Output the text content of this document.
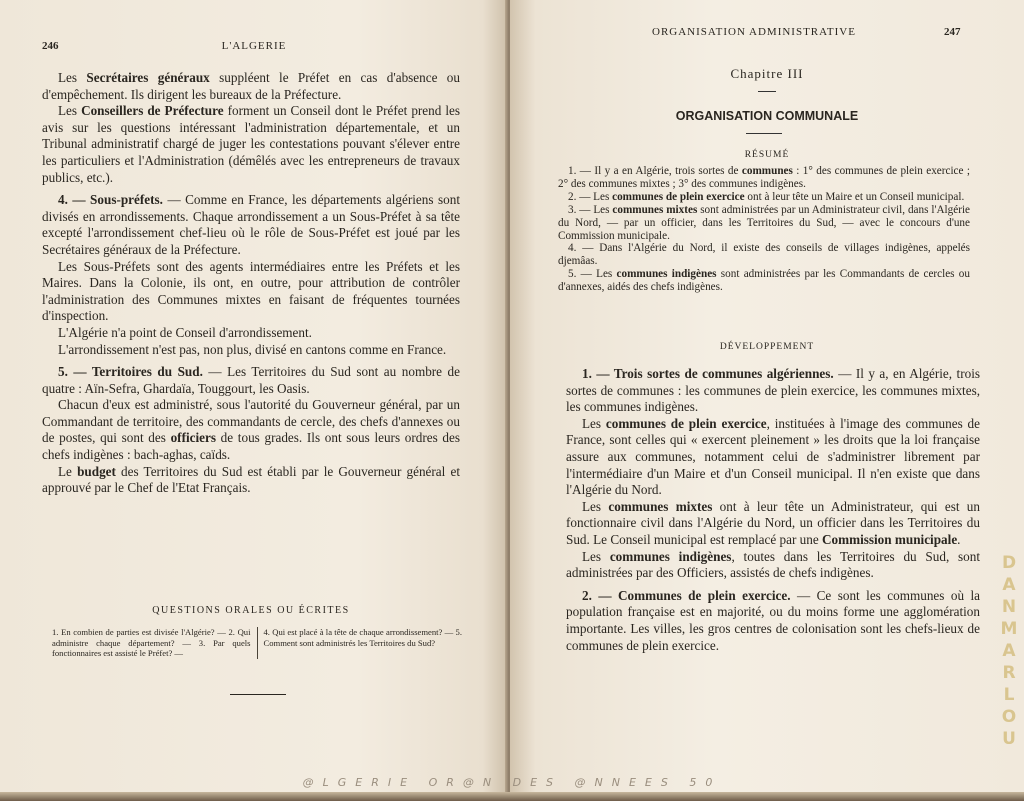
246	L'ALGERIE

Les Secrétaires généraux suppléent le Préfet en cas d'absence ou d'empêchement. Ils dirigent les bureaux de la Préfecture.

Les Conseillers de Préfecture forment un Conseil dont le Préfet prend les avis sur les questions intéressant l'administration départementale, et un Tribunal administratif chargé de juger les contestations pouvant s'élever entre les particuliers et l'Administration (démêlés avec les entrepreneurs de travaux publics, etc.).

4. — Sous-préfets. — Comme en France, les départements algériens sont divisés en arrondissements. Chaque arrondissement a un Sous-Préfet à sa tête excepté l'arrondissement chef-lieu où le rôle de Sous-Préfet est joué par les Secrétaires généraux de la Préfecture.

Les Sous-Préfets sont des agents intermédiaires entre les Préfets et les Maires. Dans la Colonie, ils ont, en outre, pour attribution de contrôler l'administration des Communes mixtes en faisant de fréquentes tournées d'inspection.

L'Algérie n'a point de Conseil d'arrondissement.

L'arrondissement n'est pas, non plus, divisé en cantons comme en France.

5. — Territoires du Sud. — Les Territoires du Sud sont au nombre de quatre : Aïn-Sefra, Ghardaïa, Touggourt, les Oasis.

Chacun d'eux est administré, sous l'autorité du Gouverneur général, par un Commandant de territoire, des commandants de cercle, des chefs d'annexes ou de postes, qui sont des officiers de tous grades. Ils ont sous leurs ordres des chefs indigènes : bach-aghas, caïds.

Le budget des Territoires du Sud est établi par le Gouverneur général et approuvé par le Chef de l'Etat Français.

QUESTIONS ORALES OU ÉCRITES
1. En combien de parties est divisée l'Algérie? — 2. Qui administre chaque département? — 3. Par quels fonctionnaires est assisté le Préfet? —
4. Qui est placé à la tête de chaque arrondissement? — 5. Comment sont administrés les Territoires du Sud?
ORGANISATION ADMINISTRATIVE	247
Chapitre III
ORGANISATION COMMUNALE
RÉSUMÉ

1. — Il y a en Algérie, trois sortes de communes : 1° des communes de plein exercice ; 2° des communes mixtes ; 3° des communes indigènes.

2. — Les communes de plein exercice ont à leur tête un Maire et un Conseil municipal.

3. — Les communes mixtes sont administrées par un Administrateur civil, dans l'Algérie du Nord, — par un officier, dans les Territoires du Sud, — avec le concours d'une Commission municipale.

4. — Dans l'Algérie du Nord, il existe des conseils de villages indigènes, appelés djemâas.

5. — Les communes indigènes sont administrées par les Commandants de cercles ou d'annexes, aidés des chefs indigènes.

DÉVELOPPEMENT

1. — Trois sortes de communes algériennes. — Il y a, en Algérie, trois sortes de communes : les communes de plein exercice, les communes mixtes, les communes indigènes.

Les communes de plein exercice, instituées à l'image des communes de France, sont celles qui « exercent pleinement » les droits que la loi française assure aux communes, notamment celui de s'administrer librement par l'intermédiaire d'un Maire et d'un Conseil municipal. Il n'en existe que dans l'Algérie du Nord.

Les communes mixtes ont à leur tête un Administrateur, qui est un fonctionnaire civil dans l'Algérie du Nord, un officier dans les Territoires du Sud. Le Conseil municipal est remplacé par une Commission municipale.

Les communes indigènes, toutes dans les Territoires du Sud, sont administrées par des Officiers, assistés de chefs indigènes.

2. — Communes de plein exercice. — Ce sont les communes où la population française est en majorité, ou du moins forme une agglomération importante. Les villes, les gros centres de colonisation sont les chefs-lieux de communes de plein exercice.

D
A
N
M
A
R
L
O
U
@LGERIE OR@N DES @NNEES 50
